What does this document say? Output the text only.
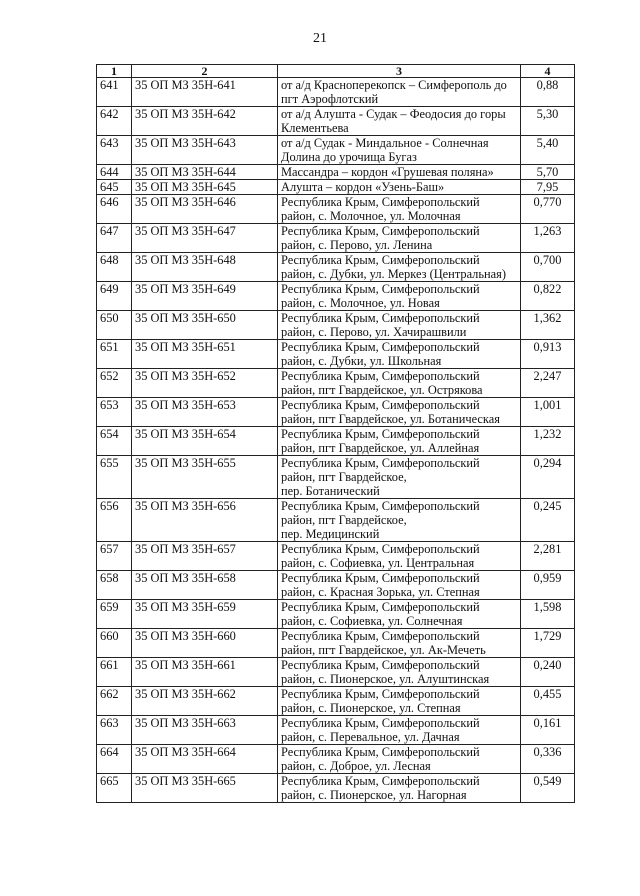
21
1	2	3	4
641	35 ОП МЗ 35Н-641	от а/д Красноперекопск – Симферополь до пгт Аэрофлотский	0,88
642	35 ОП МЗ 35Н-642	от а/д Алушта - Судак – Феодосия до горы Клементьева	5,30
643	35 ОП МЗ 35Н-643	от а/д Судак - Миндальное - Солнечная Долина до урочища Бугаз	5,40
644	35 ОП МЗ 35Н-644	Массандра – кордон «Грушевая поляна»	5,70
645	35 ОП МЗ 35Н-645	Алушта – кордон «Узень-Баш»	7,95
646	35 ОП МЗ 35Н-646	Республика Крым, Симферопольский район, с. Молочное, ул. Молочная	0,770
647	35 ОП МЗ 35Н-647	Республика Крым, Симферопольский район, с. Перово, ул. Ленина	1,263
648	35 ОП МЗ 35Н-648	Республика Крым, Симферопольский район, с. Дубки, ул. Меркез (Центральная)	0,700
649	35 ОП МЗ 35Н-649	Республика Крым, Симферопольский район, с. Молочное, ул. Новая	0,822
650	35 ОП МЗ 35Н-650	Республика Крым, Симферопольский район, с. Перово, ул. Хачирашвили	1,362
651	35 ОП МЗ 35Н-651	Республика Крым, Симферопольский район, с. Дубки, ул. Школьная	0,913
652	35 ОП МЗ 35Н-652	Республика Крым, Симферопольский район, пгт Гвардейское, ул. Острякова	2,247
653	35 ОП МЗ 35Н-653	Республика Крым, Симферопольский район, пгт Гвардейское, ул. Ботаническая	1,001
654	35 ОП МЗ 35Н-654	Республика Крым, Симферопольский район, пгт Гвардейское, ул. Аллейная	1,232
655	35 ОП МЗ 35Н-655	Республика Крым, Симферопольский район, пгт Гвардейское,
пер. Ботанический	0,294
656	35 ОП МЗ 35Н-656	Республика Крым, Симферопольский район, пгт Гвардейское,
пер. Медицинский	0,245
657	35 ОП МЗ 35Н-657	Республика Крым, Симферопольский район, с. Софиевка, ул. Центральная	2,281
658	35 ОП МЗ 35Н-658	Республика Крым, Симферопольский район, с. Красная Зорька, ул. Степная	0,959
659	35 ОП МЗ 35Н-659	Республика Крым, Симферопольский район, с. Софиевка, ул. Солнечная	1,598
660	35 ОП МЗ 35Н-660	Республика Крым, Симферопольский район, пгт Гвардейское, ул. Ак-Мечеть	1,729
661	35 ОП МЗ 35Н-661	Республика Крым, Симферопольский район, с. Пионерское, ул. Алуштинская	0,240
662	35 ОП МЗ 35Н-662	Республика Крым, Симферопольский район, с. Пионерское, ул. Степная	0,455
663	35 ОП МЗ 35Н-663	Республика Крым, Симферопольский район, с. Перевальное, ул. Дачная	0,161
664	35 ОП МЗ 35Н-664	Республика Крым, Симферопольский район, с. Доброе, ул. Лесная	0,336
665	35 ОП МЗ 35Н-665	Республика Крым, Симферопольский район, с. Пионерское, ул. Нагорная	0,549
